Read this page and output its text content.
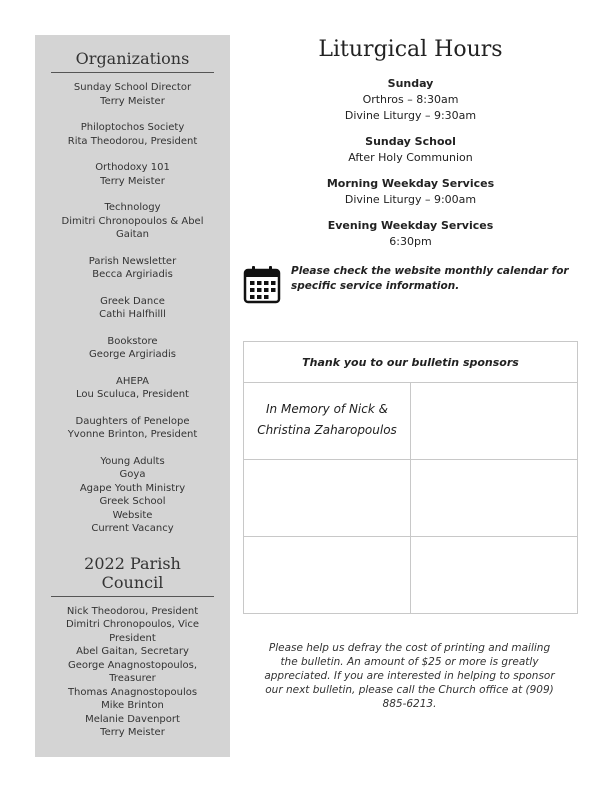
Organizations
Sunday School Director
Terry Meister
Philoptochos Society
Rita Theodorou, President
Orthodoxy 101
Terry Meister
Technology
Dimitri Chronopoulos & Abel Gaitan
Parish Newsletter
Becca Argiriadis
Greek Dance
Cathi Halfhilll
Bookstore
George Argiriadis
AHEPA
Lou Sculuca, President
Daughters of Penelope
Yvonne Brinton, President
Young Adults
Goya
Agape Youth Ministry
Greek School
Website
Current Vacancy
2022 Parish Council
Nick Theodorou, President
Dimitri Chronopoulos, Vice President
Abel Gaitan, Secretary
George Anagnostopoulos, Treasurer
Thomas Anagnostopoulos
Mike Brinton
Melanie Davenport
Terry Meister
Liturgical Hours
Sunday
Orthros – 8:30am
Divine Liturgy – 9:30am
Sunday School
After Holy Communion
Morning Weekday Services
Divine Liturgy – 9:00am
Evening Weekday Services
6:30pm
Please check the website monthly calendar for specific service information.
Thank you to our bulletin sponsors	

In Memory of Nick & Christina Zaharopoulos	

Please help us defray the cost of printing and mailing the bulletin. An amount of $25 or more is greatly appreciated. If you are interested in helping to sponsor our next bulletin, please call the Church office at (909) 885-6213.
